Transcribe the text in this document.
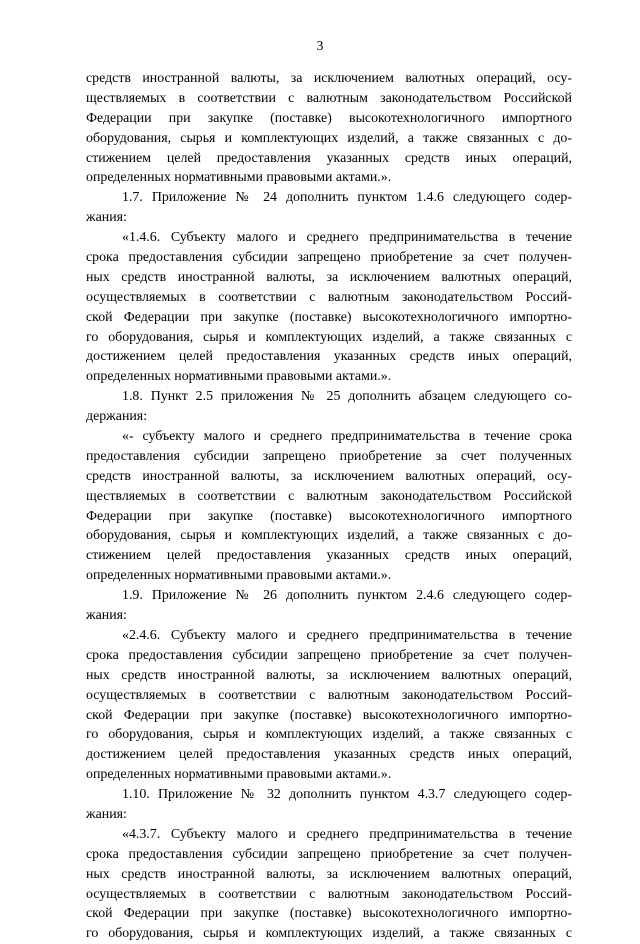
3
средств иностранной валюты, за исключением валютных операций, осу-
ществляемых в соответствии с валютным законодательством Российской
Федерации при закупке (поставке) высокотехнологичного импортного
оборудования, сырья и комплектующих изделий, а также связанных с до-
стижением целей предоставления указанных средств иных операций,
определенных нормативными правовыми актами.».
1.7. Приложение № 24 дополнить пунктом 1.4.6 следующего содер-
жания:
«1.4.6. Субъекту малого и среднего предпринимательства в течение
срока предоставления субсидии запрещено приобретение за счет получен-
ных средств иностранной валюты, за исключением валютных операций,
осуществляемых в соответствии с валютным законодательством Россий-
ской Федерации при закупке (поставке) высокотехнологичного импортно-
го оборудования, сырья и комплектующих изделий, а также связанных с
достижением целей предоставления указанных средств иных операций,
определенных нормативными правовыми актами.».
1.8. Пункт 2.5 приложения № 25 дополнить абзацем следующего со-
держания:
«- субъекту малого и среднего предпринимательства в течение срока
предоставления субсидии запрещено приобретение за счет полученных
средств иностранной валюты, за исключением валютных операций, осу-
ществляемых в соответствии с валютным законодательством Российской
Федерации при закупке (поставке) высокотехнологичного импортного
оборудования, сырья и комплектующих изделий, а также связанных с до-
стижением целей предоставления указанных средств иных операций,
определенных нормативными правовыми актами.».
1.9. Приложение № 26 дополнить пунктом 2.4.6 следующего содер-
жания:
«2.4.6. Субъекту малого и среднего предпринимательства в течение
срока предоставления субсидии запрещено приобретение за счет получен-
ных средств иностранной валюты, за исключением валютных операций,
осуществляемых в соответствии с валютным законодательством Россий-
ской Федерации при закупке (поставке) высокотехнологичного импортно-
го оборудования, сырья и комплектующих изделий, а также связанных с
достижением целей предоставления указанных средств иных операций,
определенных нормативными правовыми актами.».
1.10. Приложение № 32 дополнить пунктом 4.3.7 следующего содер-
жания:
«4.3.7. Субъекту малого и среднего предпринимательства в течение
срока предоставления субсидии запрещено приобретение за счет получен-
ных средств иностранной валюты, за исключением валютных операций,
осуществляемых в соответствии с валютным законодательством Россий-
ской Федерации при закупке (поставке) высокотехнологичного импортно-
го оборудования, сырья и комплектующих изделий, а также связанных с
